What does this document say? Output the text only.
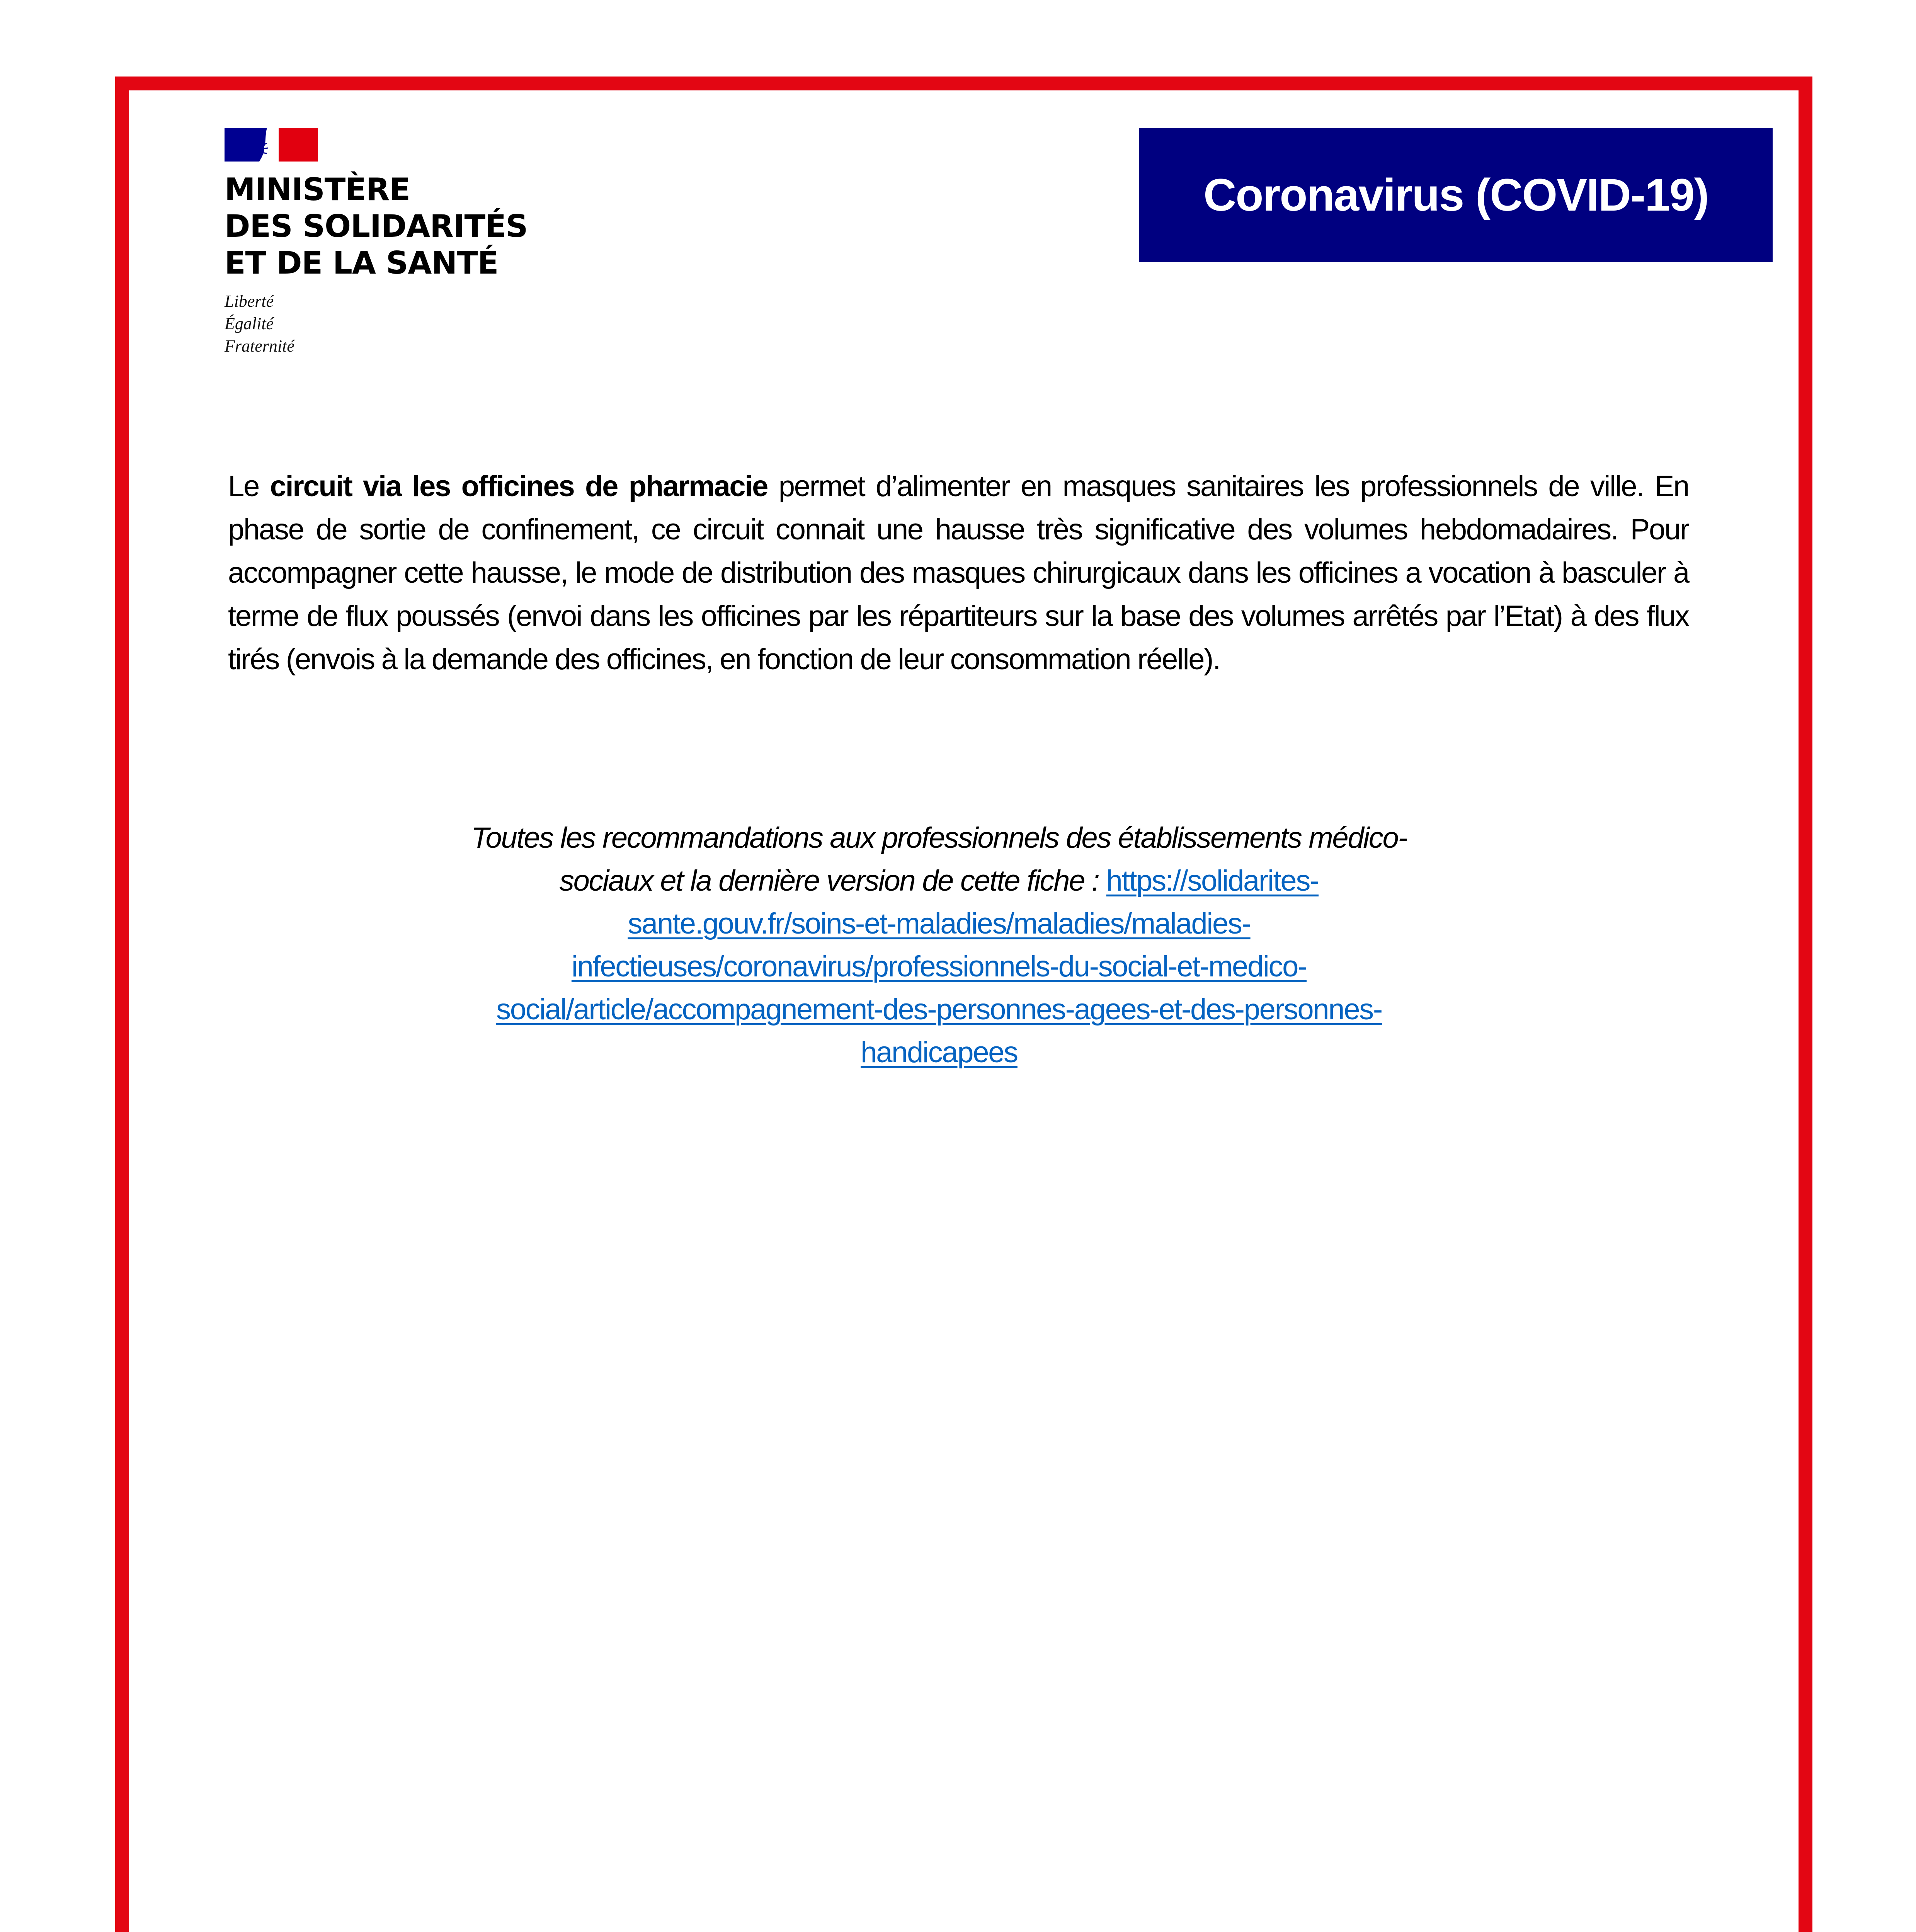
MINISTÈRE
DES SOLIDARITÉS
ET DE LA SANTÉ
Liberté
Égalité
Fraternité
Coronavirus (COVID-19)

Le circuit via les officines de pharmacie permet d’alimenter en masques sanitaires les professionnels de ville. En phase de sortie de confinement, ce circuit connait une hausse très significative des volumes hebdomadaires. Pour accompagner cette hausse, le mode de distribution des masques chirurgicaux dans les officines a vocation à basculer à terme de flux poussés (envoi dans les officines par les répartiteurs sur la base des volumes arrêtés par l’Etat) à des flux tirés (envois à la demande des officines, en fonction de leur consommation réelle).

Toutes les recommandations aux professionnels des établissements médico-
sociaux et la dernière version de cette fiche : https://solidarites-
sante.gouv.fr/soins-et-maladies/maladies/maladies-
infectieuses/coronavirus/professionnels-du-social-et-medico-
social/article/accompagnement-des-personnes-agees-et-des-personnes-
handicapees
